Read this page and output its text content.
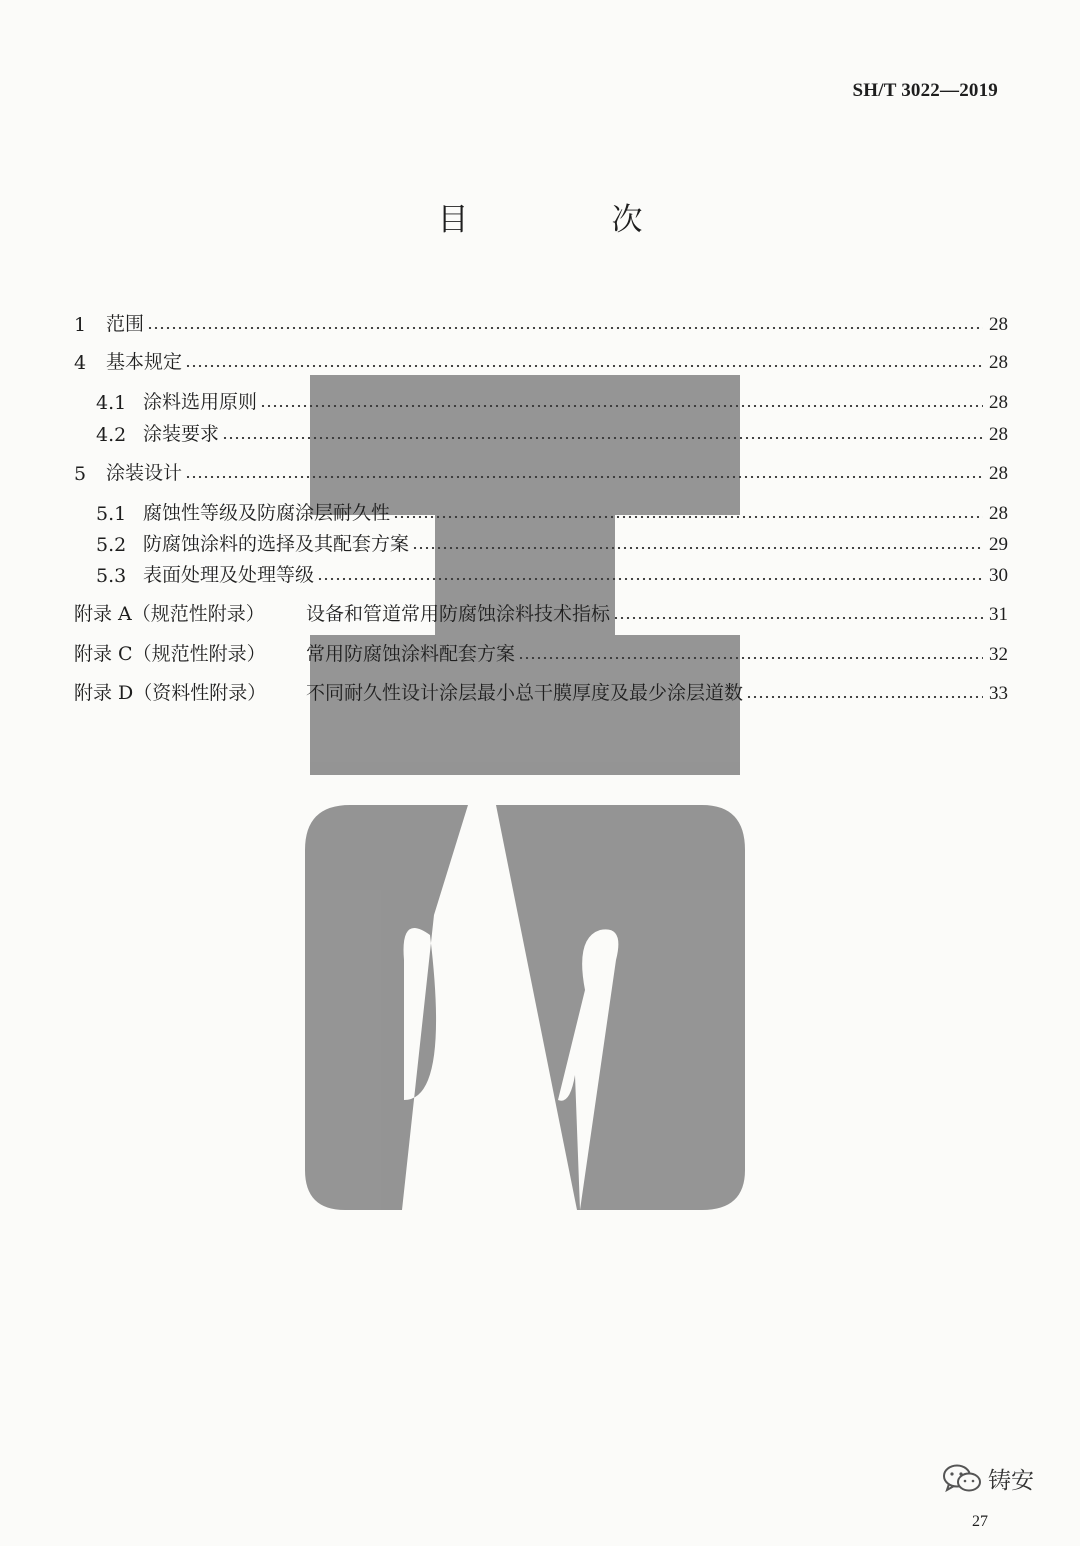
SH/T 3022—2019
目　次
1	范围	28
4	基本规定	28
4.1 涂料选用原则	28
4.2 涂装要求	28
5	涂装设计	28
5.1 腐蚀性等级及防腐涂层耐久性	28
5.2 防腐蚀涂料的选择及其配套方案	29
5.3 表面处理及处理等级	30
附录 A（规范性附录）	设备和管道常用防腐蚀涂料技术指标	31
附录 C（规范性附录）	常用防腐蚀涂料配套方案	32
附录 D（资料性附录）	不同耐久性设计涂层最小总干膜厚度及最少涂层道数	33
铸安
27
